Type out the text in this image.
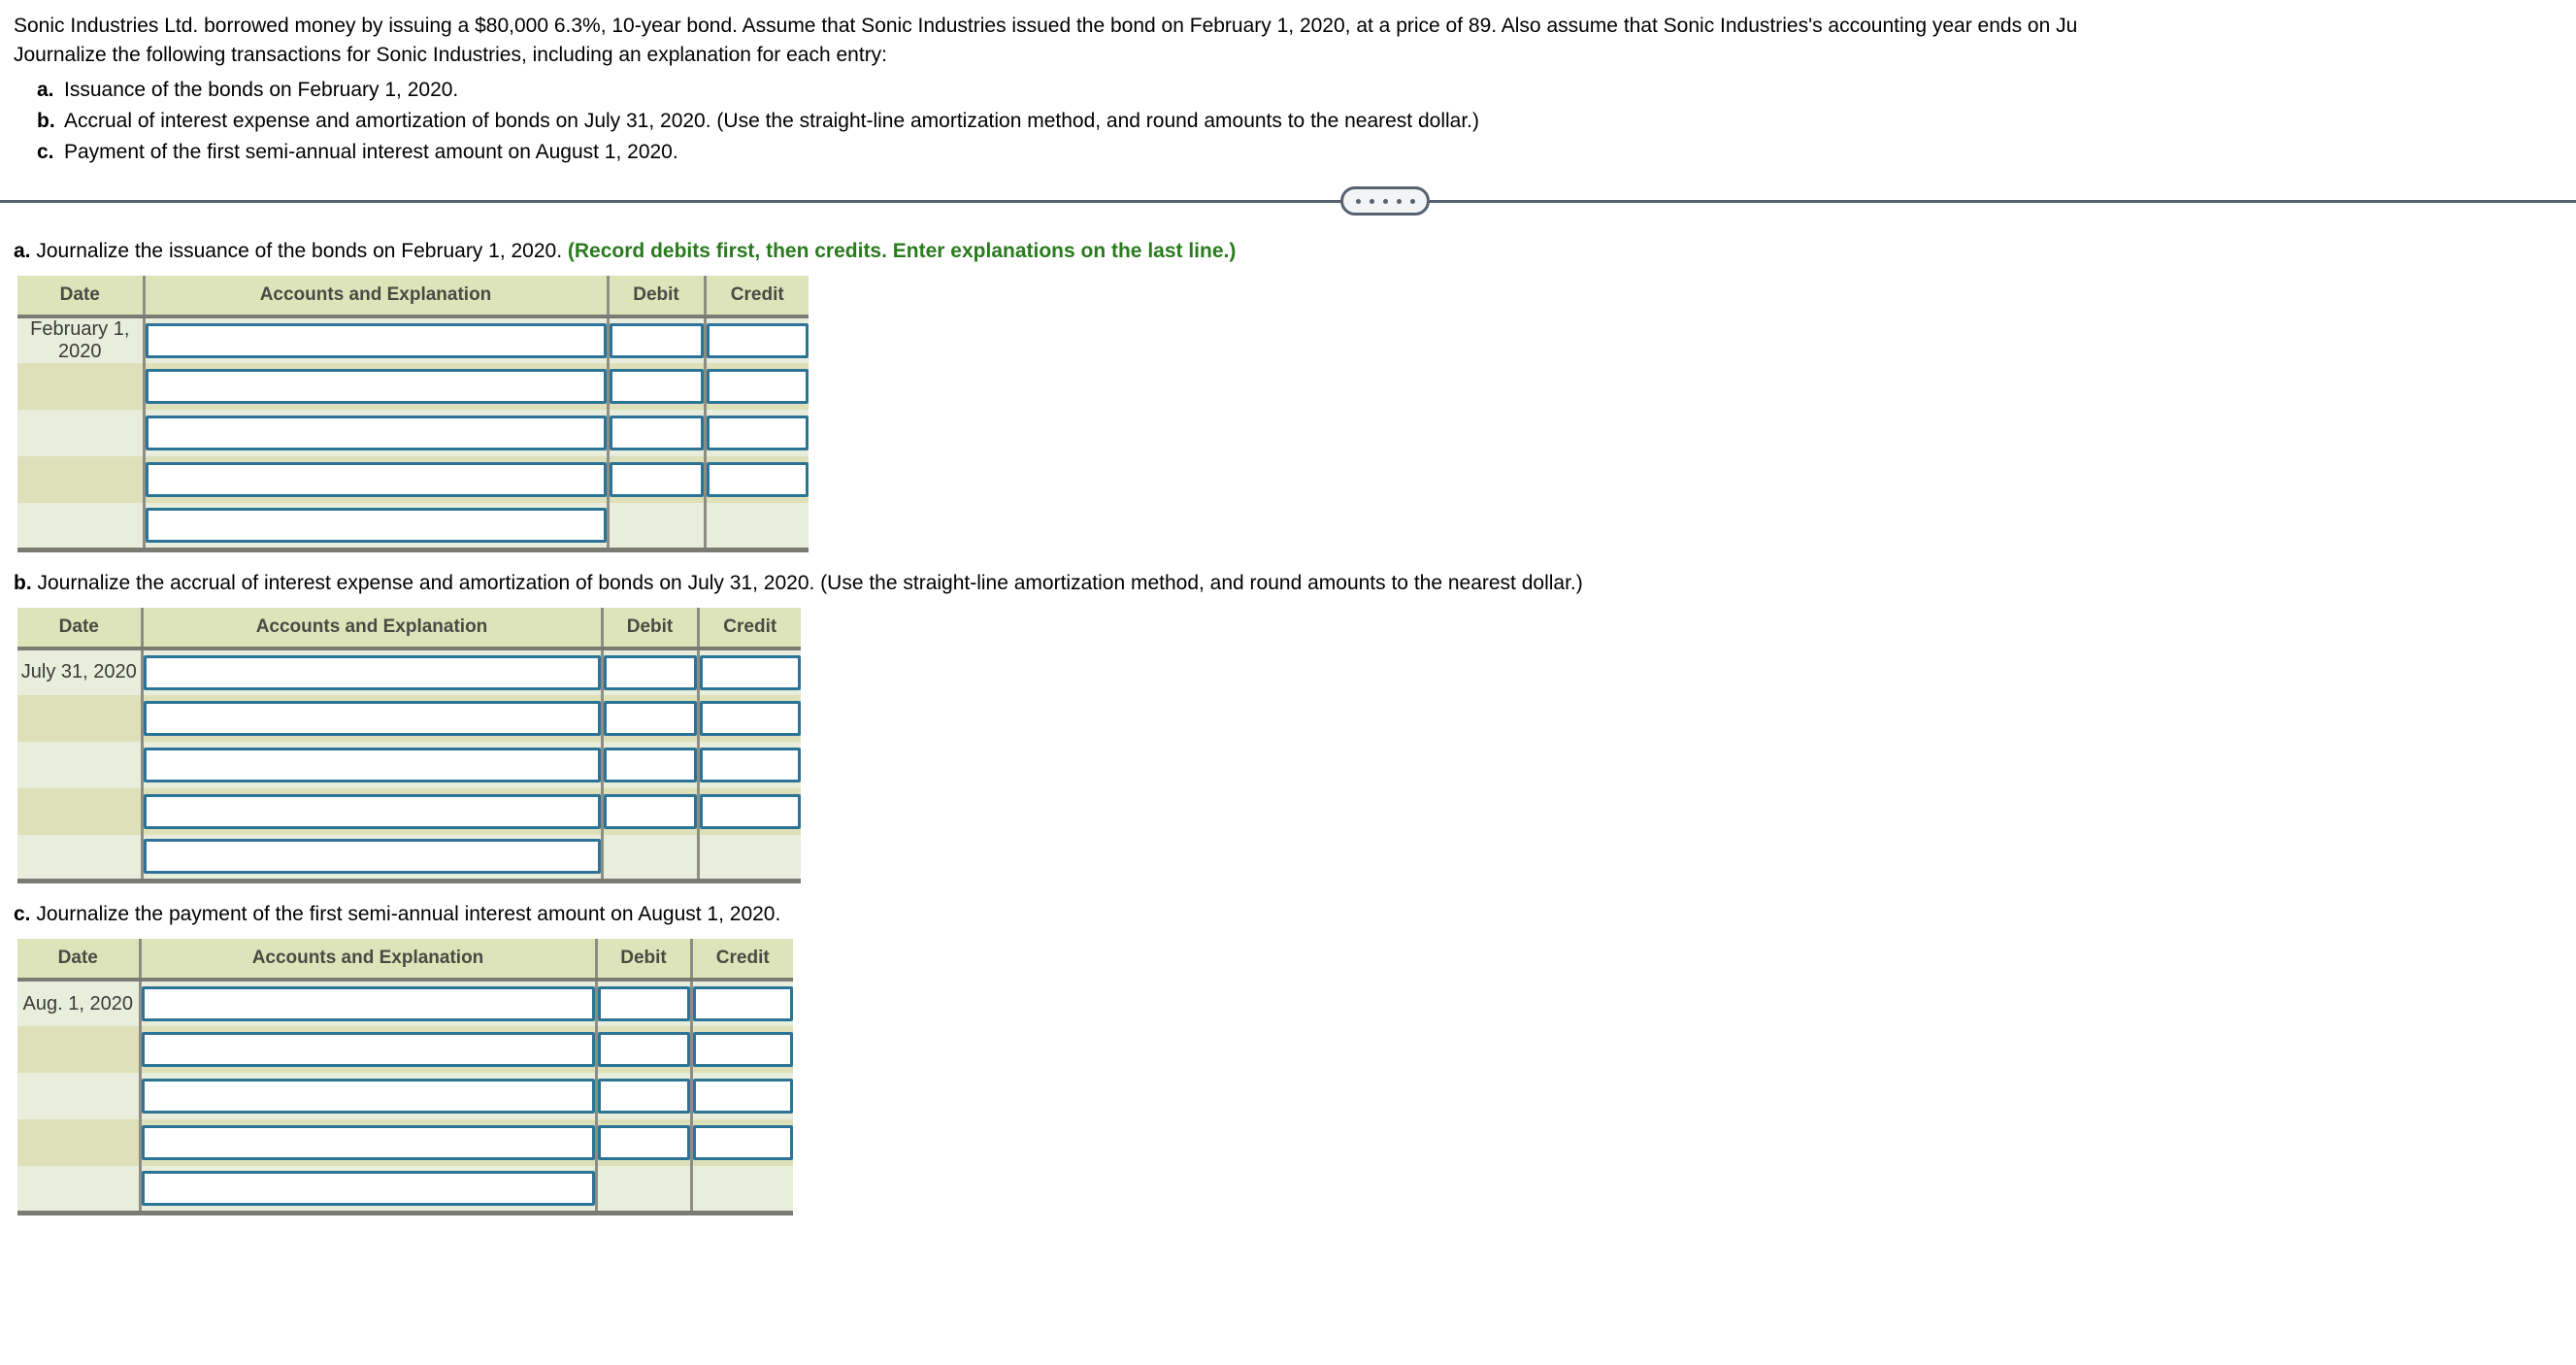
Sonic Industries Ltd. borrowed money by issuing a $80,000 6.3%, 10-year bond. Assume that Sonic Industries issued the bond on February 1, 2020, at a price of 89. Also assume that Sonic Industries's accounting year ends on Ju
Journalize the following transactions for Sonic Industries, including an explanation for each entry:
a. Issuance of the bonds on February 1, 2020.
b. Accrual of interest expense and amortization of bonds on July 31, 2020. (Use the straight-line amortization method, and round amounts to the nearest dollar.)
c. Payment of the first semi-annual interest amount on August 1, 2020.
a. Journalize the issuance of the bonds on February 1, 2020. (Record debits first, then credits. Enter explanations on the last line.)
Date	Accounts and Explanation	Debit	Credit
February 1, 2020	

b. Journalize the accrual of interest expense and amortization of bonds on July 31, 2020. (Use the straight-line amortization method, and round amounts to the nearest dollar.)
Date	Accounts and Explanation	Debit	Credit
July 31, 2020	

c. Journalize the payment of the first semi-annual interest amount on August 1, 2020.
Date	Accounts and Explanation	Debit	Credit
Aug. 1, 2020	
